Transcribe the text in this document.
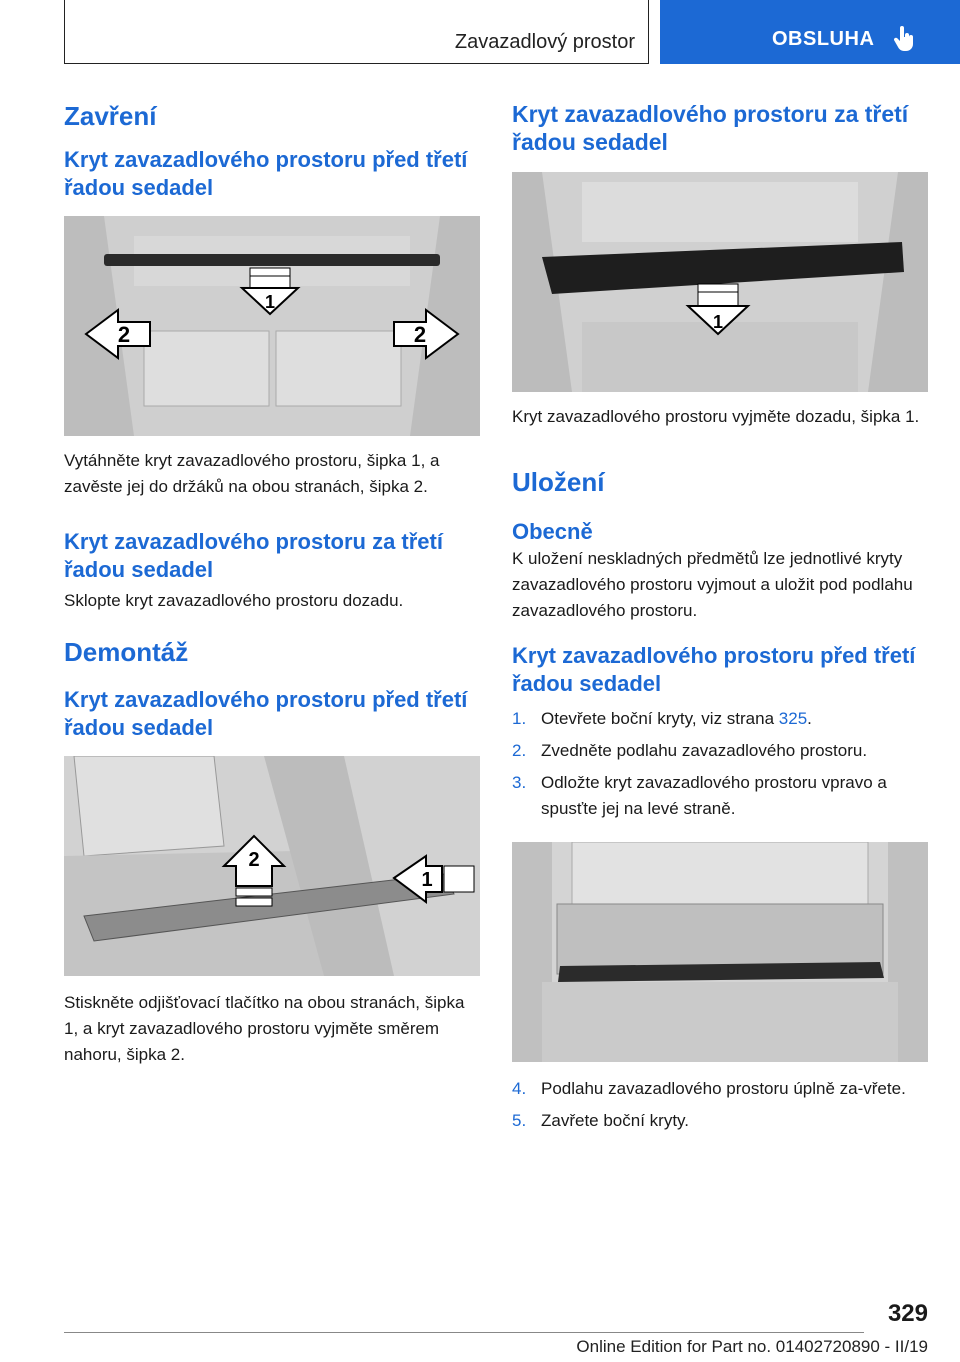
Zavazadlový prostor	OBSLUHA
Zavření
Kryt zavazadlového prostoru před třetí řadou sedadel
1
2	2

Vytáhněte kryt zavazadlového prostoru, šipka 1, a zavěste jej do držáků na obou stranách, šipka 2.

Kryt zavazadlového prostoru za třetí řadou sedadel

Sklopte kryt zavazadlového prostoru dozadu.

Demontáž
Kryt zavazadlového prostoru před třetí řadou sedadel
2
1

Stiskněte odjišťovací tlačítko na obou stranách, šipka 1, a kryt zavazadlového prostoru vyjměte směrem nahoru, šipka 2.

Kryt zavazadlového prostoru za třetí řadou sedadel
1

Kryt zavazadlového prostoru vyjměte dozadu, šipka 1.

Uložení
Obecně

K uložení neskladných předmětů lze jednotlivé kryty zavazadlového prostoru vyjmout a uložit pod podlahu zavazadlového prostoru.

Kryt zavazadlového prostoru před třetí řadou sedadel
1. Otevřete boční kryty, viz strana 325.
2. Zvedněte podlahu zavazadlového prostoru.
3. Odložte kryt zavazadlového prostoru vpravo a spusťte jej na levé straně.
4. Podlahu zavazadlového prostoru úplně za‐vřete.
5. Zavřete boční kryty.
329
Online Edition for Part no. 01402720890 - II/19
